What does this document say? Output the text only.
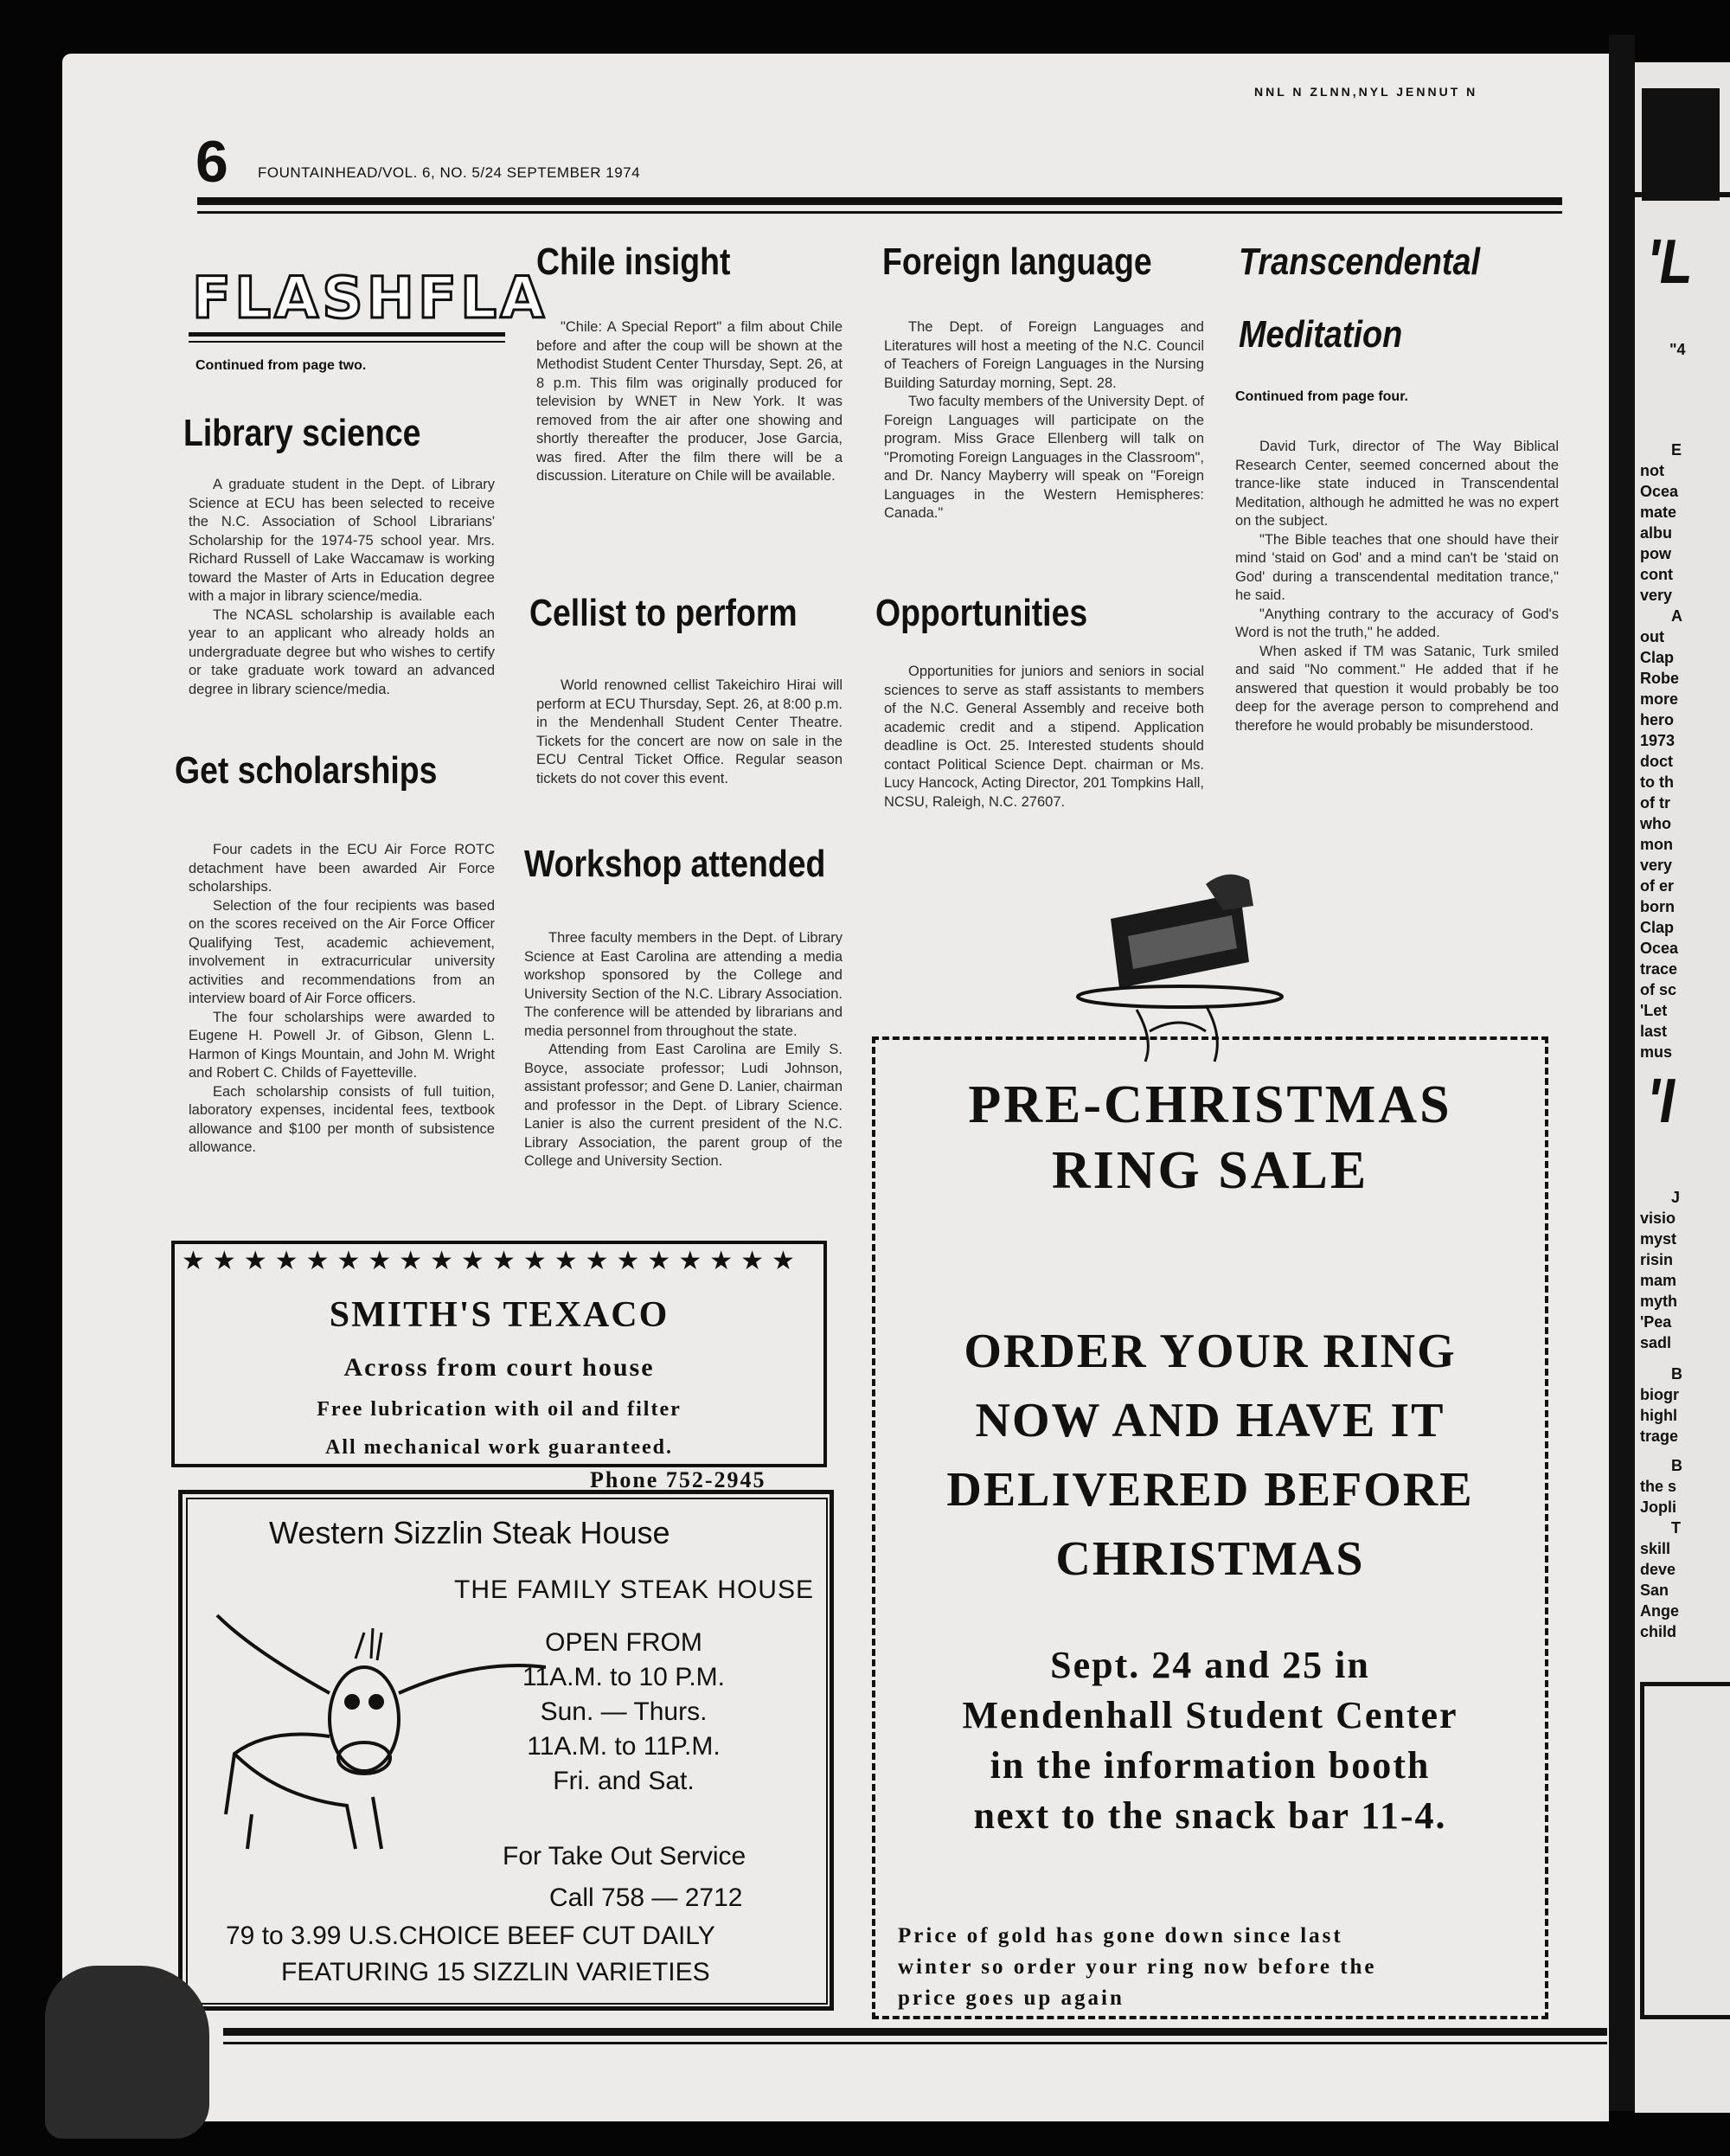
6 FOUNTAINHEAD/VOL. 6, NO. 5/24 SEPTEMBER 1974
NNL N ZLNN,NYL JENNUT N
FLASHFLA
Continued from page two.
Library science

A graduate student in the Dept. of Library Science at ECU has been selected to receive the N.C. Association of School Librarians' Scholarship for the 1974-75 school year. Mrs. Richard Russell of Lake Waccamaw is working toward the Master of Arts in Education degree with a major in library science/media.

The NCASL scholarship is available each year to an applicant who already holds an undergraduate degree but who wishes to certify or take graduate work toward an advanced degree in library science/media.

Get scholarships

Four cadets in the ECU Air Force ROTC detachment have been awarded Air Force scholarships.

Selection of the four recipients was based on the scores received on the Air Force Officer Qualifying Test, academic achievement, involvement in extracurricular university activities and recommendations from an interview board of Air Force officers.

The four scholarships were awarded to Eugene H. Powell Jr. of Gibson, Glenn L. Harmon of Kings Mountain, and John M. Wright and Robert C. Childs of Fayetteville.

Each scholarship consists of full tuition, laboratory expenses, incidental fees, textbook allowance and $100 per month of subsistence allowance.

Chile insight

"Chile: A Special Report" a film about Chile before and after the coup will be shown at the Methodist Student Center Thursday, Sept. 26, at 8 p.m. This film was originally produced for television by WNET in New York. It was removed from the air after one showing and shortly thereafter the producer, Jose Garcia, was fired. After the film there will be a discussion. Literature on Chile will be available.

Cellist to perform

World renowned cellist Takeichiro Hirai will perform at ECU Thursday, Sept. 26, at 8:00 p.m. in the Mendenhall Student Center Theatre. Tickets for the concert are now on sale in the ECU Central Ticket Office. Regular season tickets do not cover this event.

Workshop attended

Three faculty members in the Dept. of Library Science at East Carolina are attending a media workshop sponsored by the College and University Section of the N.C. Library Association. The conference will be attended by librarians and media personnel from throughout the state.

Attending from East Carolina are Emily S. Boyce, associate professor; Ludi Johnson, assistant professor; and Gene D. Lanier, chairman and professor in the Dept. of Library Science. Lanier is also the current president of the N.C. Library Association, the parent group of the College and University Section.

Foreign language

The Dept. of Foreign Languages and Literatures will host a meeting of the N.C. Council of Teachers of Foreign Languages in the Nursing Building Saturday morning, Sept. 28.

Two faculty members of the University Dept. of Foreign Languages will participate on the program. Miss Grace Ellenberg will talk on "Promoting Foreign Languages in the Classroom", and Dr. Nancy Mayberry will speak on "Foreign Languages in the Western Hemispheres: Canada."

Opportunities

Opportunities for juniors and seniors in social sciences to serve as staff assistants to members of the N.C. General Assembly and receive both academic credit and a stipend. Application deadline is Oct. 25. Interested students should contact Political Science Dept. chairman or Ms. Lucy Hancock, Acting Director, 201 Tompkins Hall, NCSU, Raleigh, N.C. 27607.

Transcendental
Meditation
Continued from page four.

David Turk, director of The Way Biblical Research Center, seemed concerned about the trance-like state induced in Transcendental Meditation, although he admitted he was no expert on the subject.

"The Bible teaches that one should have their mind 'staid on God' and a mind can't be 'staid on God' during a transcendental meditation trance," he said.

"Anything contrary to the accuracy of God's Word is not the truth," he added.

When asked if TM was Satanic, Turk smiled and said "No comment." He added that if he answered that question it would probably be too deep for the average person to comprehend and therefore he would probably be misunderstood.

★★★★★★★★★★★★★★★★★★★★
SMITH'S TEXACO
Across from court house
Free lubrication with oil and filter
All mechanical work guaranteed.
Phone 752-2945
Western Sizzlin Steak House
THE FAMILY STEAK HOUSE
OPEN FROM
11A.M. to 10 P.M.
Sun. — Thurs.
11A.M. to 11P.M.
Fri. and Sat.
For Take Out Service
Call 758 — 2712
79 to 3.99 U.S.CHOICE BEEF CUT DAILY
FEATURING 15 SIZZLIN VARIETIES
PRE-CHRISTMAS
RING SALE
ORDER YOUR RING
NOW AND HAVE IT
DELIVERED BEFORE
CHRISTMAS
Sept. 24 and 25 in
Mendenhall Student Center
in the information booth
next to the snack bar 11-4.
Price of gold has gone down since last
winter so order your ring now before the
price goes up again
'L
"4
E
not
Ocea
mate
albu
pow
cont
very
A
out
Clap
Robe
more
hero
1973
doct
to th
of tr
who
mon
very
of er
born
Clap
Ocea
trace
of sc
'Let
last
mus
'I
J
visio
myst
risin
mam
myth
'Pea
sadl
B
biogr
highl
trage
B
the s
Jopli
T
skill
deve
San
Ange
child
